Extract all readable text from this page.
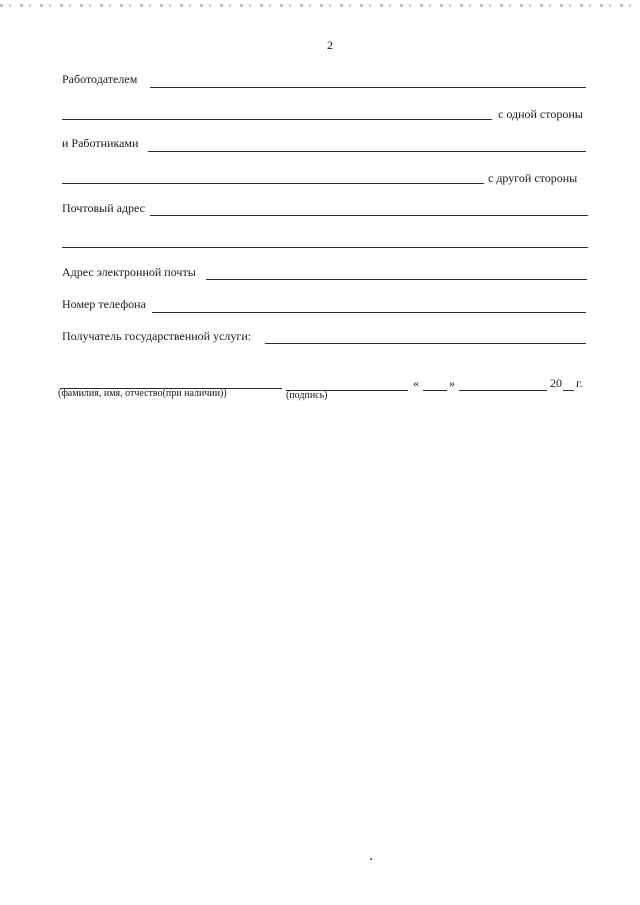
2
Работодателем
с одной стороны
и Работниками
с другой стороны
Почтовый адрес
Адрес электронной почты
Номер телефона
Получатель государственной услуги:
(фамилия, имя, отчество(при наличии))	(подпись)
«	»	20 г.
